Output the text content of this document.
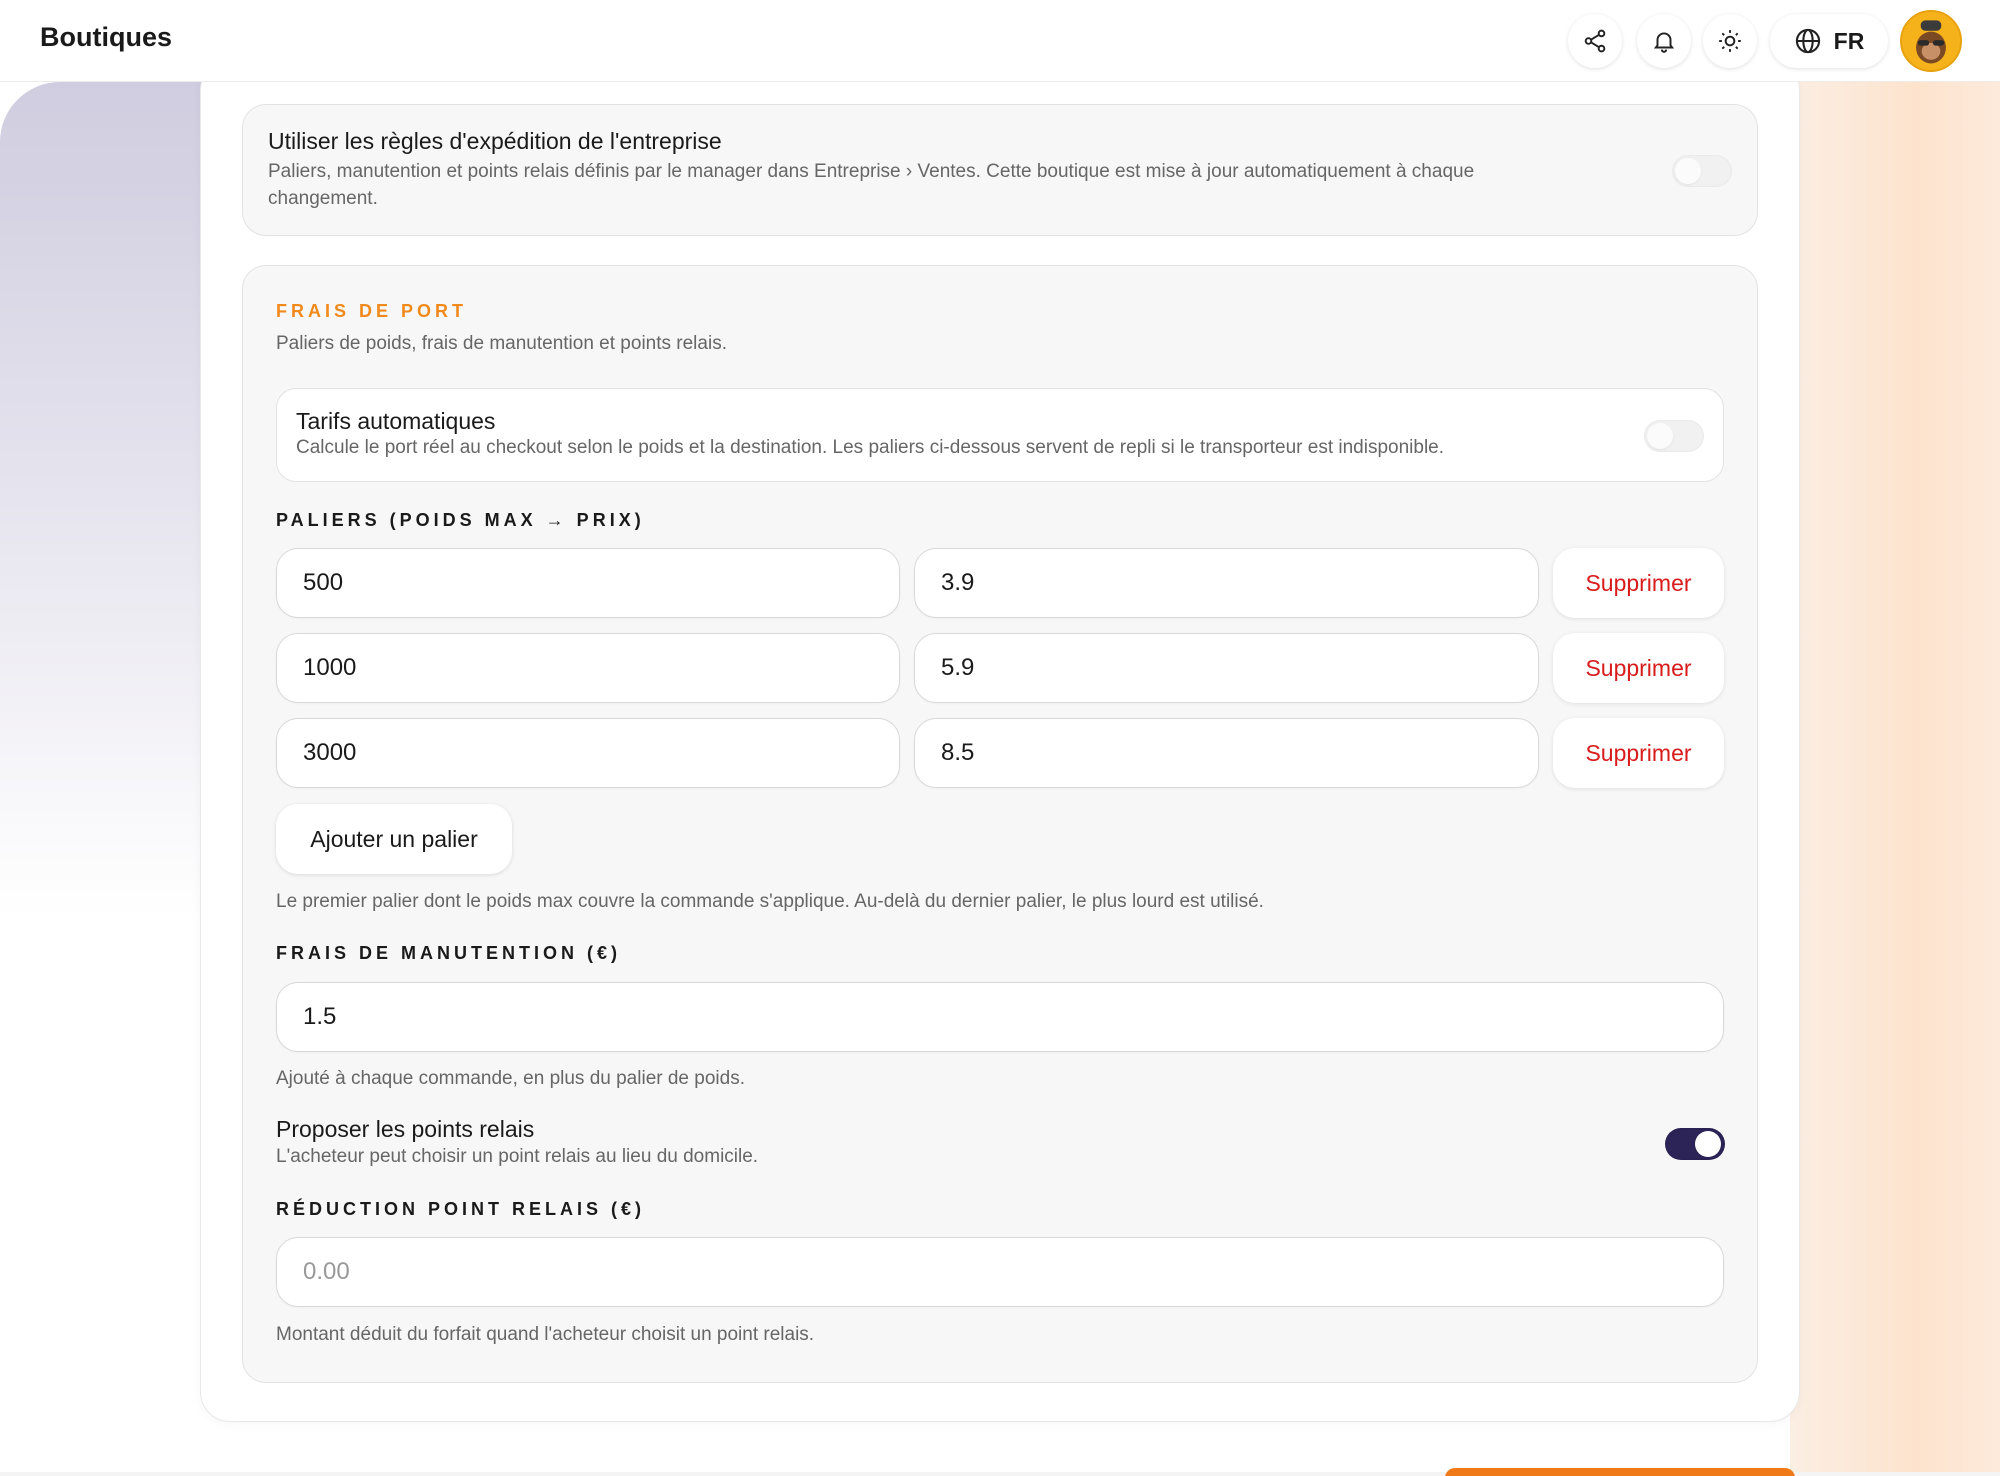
Boutiques	FR
Utiliser les règles d'expédition de l'entreprise
Paliers, manutention et points relais définis par le manager dans Entreprise › Ventes. Cette boutique est mise à jour automatiquement à chaque changement.
FRAIS DE PORT
Paliers de poids, frais de manutention et points relais.
Tarifs automatiques
Calcule le port réel au checkout selon le poids et la destination. Les paliers ci-dessous servent de repli si le transporteur est indisponible.
PALIERS (POIDS MAX → PRIX)
500	3.9	Supprimer
1000	5.9	Supprimer
3000	8.5	Supprimer
Ajouter un palier
Le premier palier dont le poids max couvre la commande s'applique. Au-delà du dernier palier, le plus lourd est utilisé.
FRAIS DE MANUTENTION (€)
1.5
Ajouté à chaque commande, en plus du palier de poids.
Proposer les points relais
L'acheteur peut choisir un point relais au lieu du domicile.
RÉDUCTION POINT RELAIS (€)
0.00
Montant déduit du forfait quand l'acheteur choisit un point relais.
